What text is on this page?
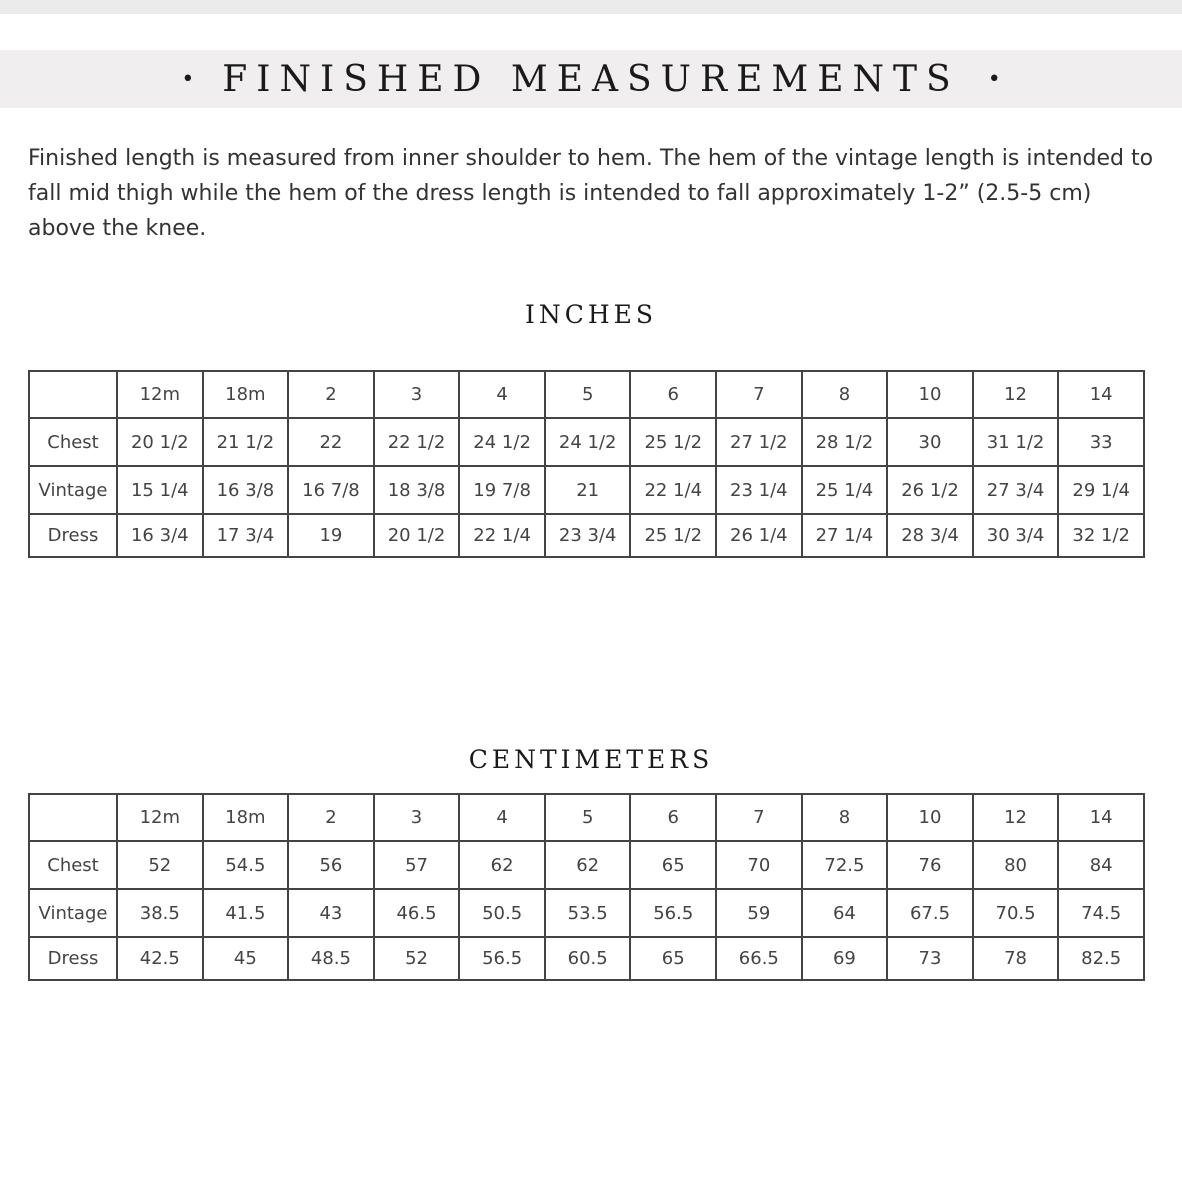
• FINISHED MEASUREMENTS •

Finished length is measured from inner shoulder to hem. The hem of the vintage length is intended to fall mid thigh while the hem of the dress length is intended to fall approximately 1-2” (2.5-5 cm) above the knee.

INCHES
	12m	18m	2	3	4	5	6	7	8	10	12	14
Chest	20 1/2	21 1/2	22	22 1/2	24 1/2	24 1/2	25 1/2	27 1/2	28 1/2	30	31 1/2	33
Vintage	15 1/4	16 3/8	16 7/8	18 3/8	19 7/8	21	22 1/4	23 1/4	25 1/4	26 1/2	27 3/4	29 1/4
Dress	16 3/4	17 3/4	19	20 1/2	22 1/4	23 3/4	25 1/2	26 1/4	27 1/4	28 3/4	30 3/4	32 1/2
CENTIMETERS
	12m	18m	2	3	4	5	6	7	8	10	12	14
Chest	52	54.5	56	57	62	62	65	70	72.5	76	80	84
Vintage	38.5	41.5	43	46.5	50.5	53.5	56.5	59	64	67.5	70.5	74.5
Dress	42.5	45	48.5	52	56.5	60.5	65	66.5	69	73	78	82.5
